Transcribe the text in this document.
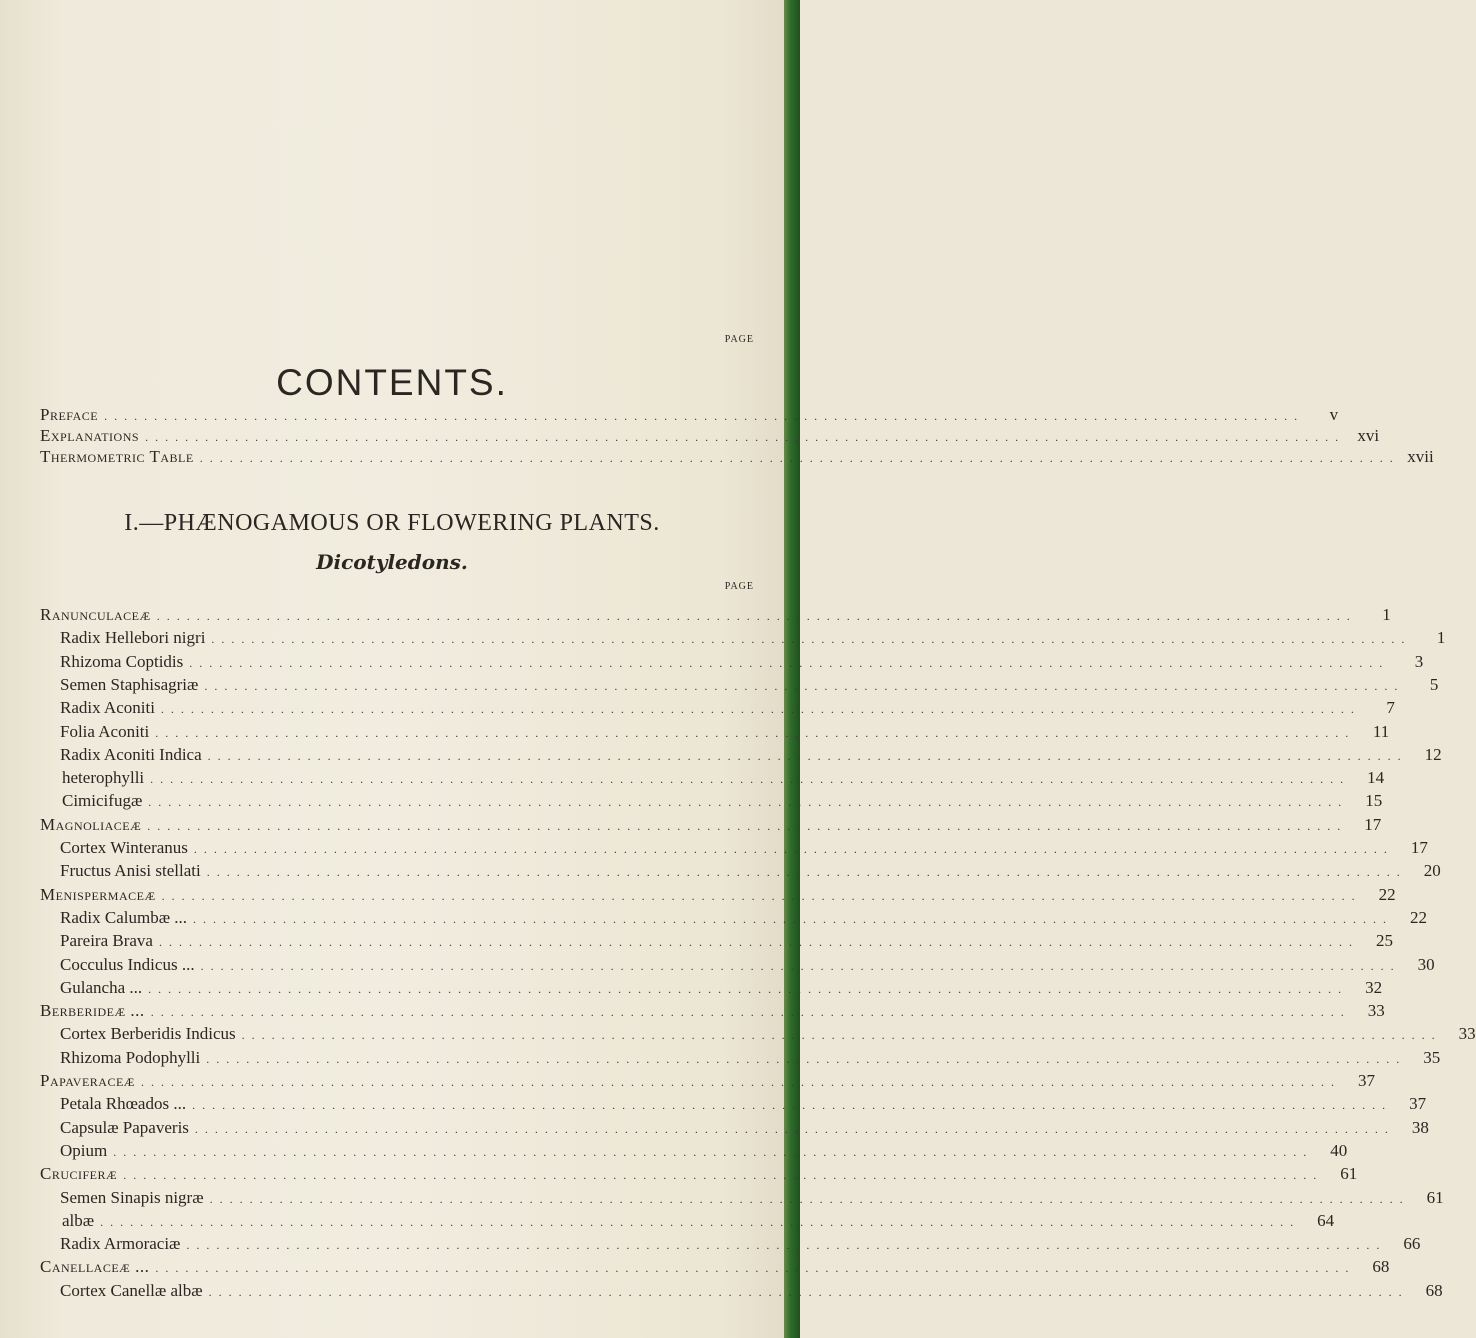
CONTENTS.
PAGE
Preface ........................................................................................................................	v
Explanations ........................................................................................................................ xvi
Thermometric Table ........................................................................................................................ xvii
I.—PHÆNOGAMOUS OR FLOWERING PLANTS.
Dicotyledons.
PAGE
Ranunculaceæ ........................................................................................................................	1
Radix Hellebori nigri ........................................................................................................................	1
Rhizoma Coptidis ........................................................................................................................	3
Semen Staphisagriæ ........................................................................................................................	5
Radix Aconiti ........................................................................................................................	7
Folia Aconiti ........................................................................................................................	11
Radix Aconiti Indica ........................................................................................................................	12
heterophylli ........................................................................................................................	14
Cimicifugæ ........................................................................................................................	15
Magnoliaceæ ........................................................................................................................	17
Cortex Winteranus ........................................................................................................................	17
Fructus Anisi stellati ........................................................................................................................	20
Menispermaceæ ........................................................................................................................	22
Radix Calumbæ ... ........................................................................................................................	22
Pareira Brava ........................................................................................................................	25
Cocculus Indicus ... ........................................................................................................................	30
Gulancha ... ........................................................................................................................	32
Berberideæ ... ........................................................................................................................	33
Cortex Berberidis Indicus ........................................................................................................................	33
Rhizoma Podophylli ........................................................................................................................	35
Papaveraceæ ........................................................................................................................	37
Petala Rhœados ... ........................................................................................................................	37
Capsulæ Papaveris ........................................................................................................................	38
Opium ........................................................................................................................	40
Cruciferæ ........................................................................................................................	61
Semen Sinapis nigræ ........................................................................................................................	61
albæ ........................................................................................................................	64
Radix Armoraciæ ........................................................................................................................	66
Canellaceæ ... ........................................................................................................................	68
Cortex Canellæ albæ ........................................................................................................................	68
